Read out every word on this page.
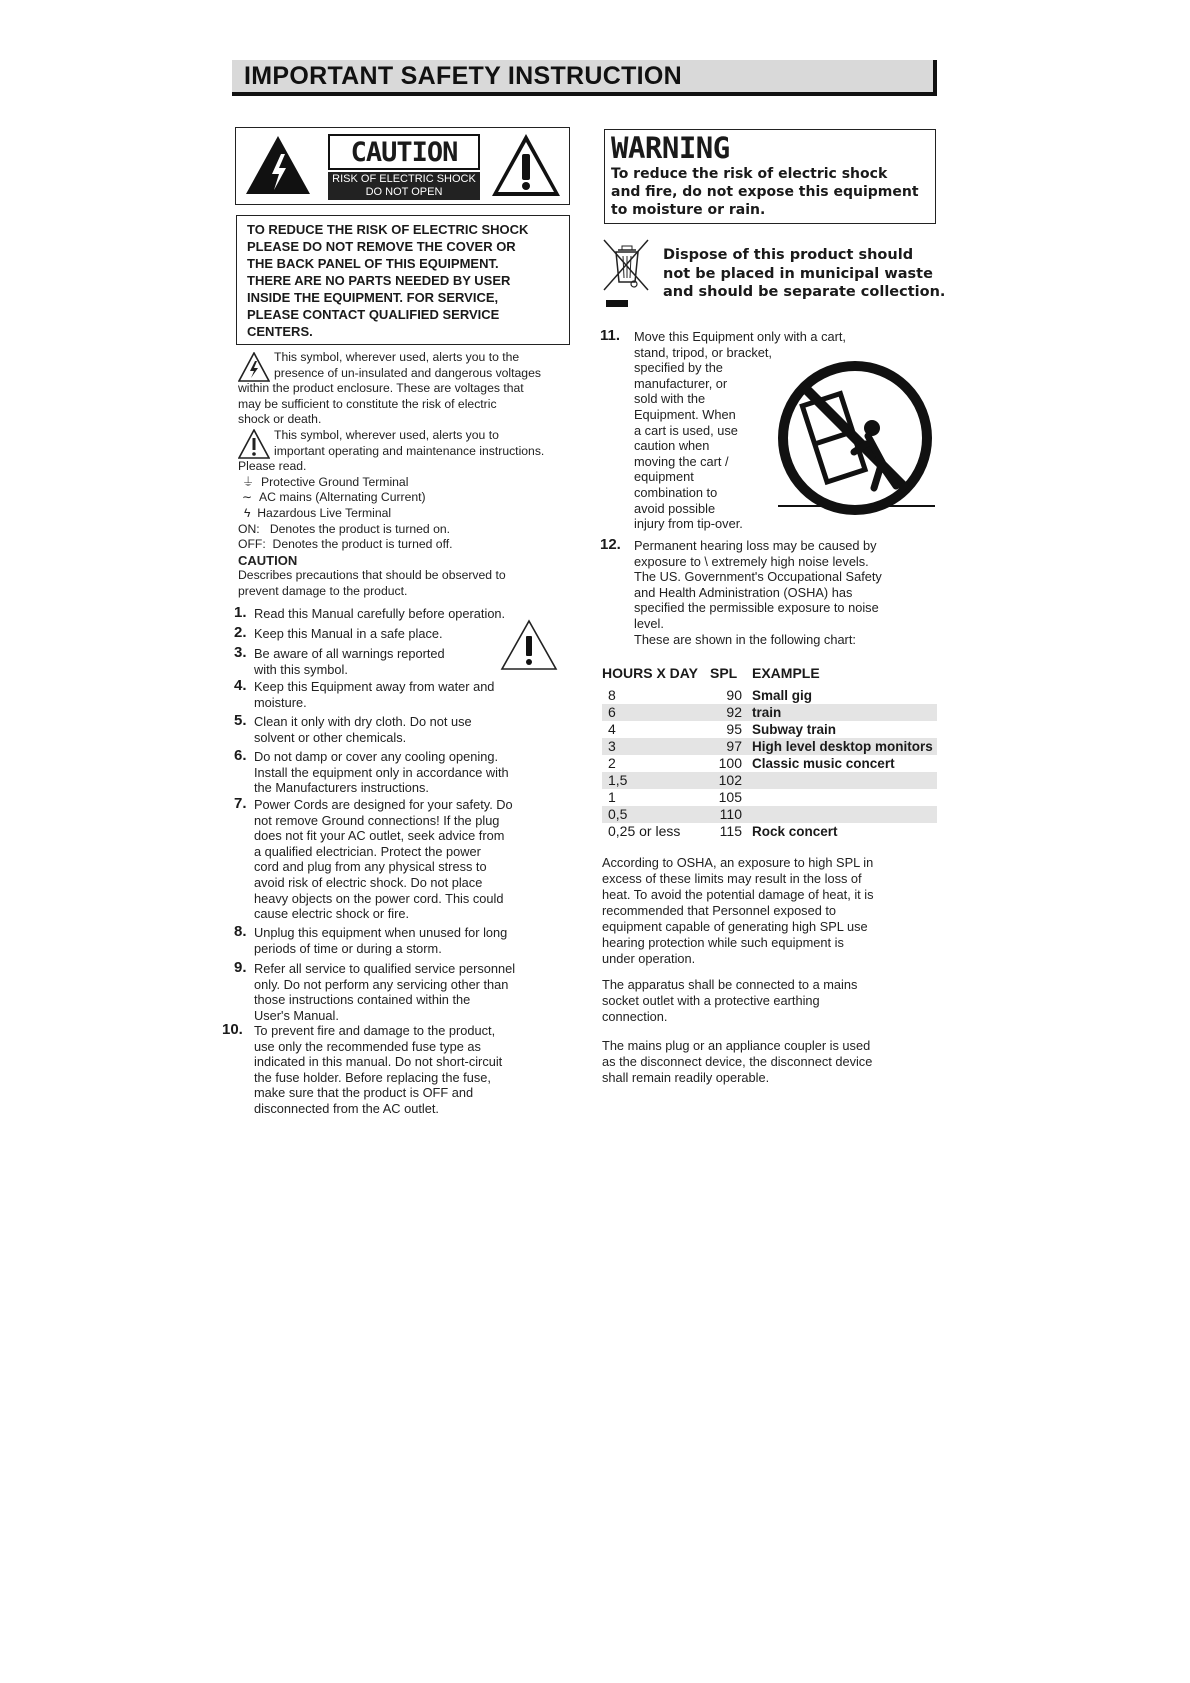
IMPORTANT SAFETY INSTRUCTION
CAUTION
RISK OF ELECTRIC SHOCK
DO NOT OPEN
TO REDUCE THE RISK OF ELECTRIC SHOCK
PLEASE DO NOT REMOVE THE COVER OR
THE BACK PANEL OF THIS EQUIPMENT.
THERE ARE NO PARTS NEEDED BY USER
INSIDE THE EQUIPMENT. FOR SERVICE,
PLEASE CONTACT QUALIFIED SERVICE
CENTERS.
This symbol, wherever used, alerts you to the
presence of un-insulated and dangerous voltages
within the product enclosure. These are voltages that
may be sufficient to constitute the risk of electric
shock or death.
This symbol, wherever used, alerts you to
important operating and maintenance instructions.
Please read.
⏚ Protective Ground Terminal
∼ AC mains (Alternating Current)
ϟ Hazardous Live Terminal
ON:   Denotes the product is turned on.
OFF:  Denotes the product is turned off.
CAUTION
Describes precautions that should be observed to
prevent damage to the product.
1. Read this Manual carefully before operation.
2. Keep this Manual in a safe place.
3. Be aware of all warnings reported
with this symbol.
4. Keep this Equipment away from water and
moisture.
5. Clean it only with dry cloth. Do not use
solvent or other chemicals.
6. Do not damp or cover any cooling opening.
Install the equipment only in accordance with
the Manufacturers instructions.
7. Power Cords are designed for your safety. Do
not remove Ground connections! If the plug
does not fit your AC outlet, seek advice from
a qualified electrician. Protect the power
cord and plug from any physical stress to
avoid risk of electric shock. Do not place
heavy objects on the power cord. This could
cause electric shock or fire.
8. Unplug this equipment when unused for long
periods of time or during a storm.
9. Refer all service to qualified service personnel
only. Do not perform any servicing other than
those instructions contained within the
User's Manual.
10. To prevent fire and damage to the product,
use only the recommended fuse type as
indicated in this manual. Do not short-circuit
the fuse holder. Before replacing the fuse,
make sure that the product is OFF and
disconnected from the AC outlet.
WARNING
To reduce the risk of electric shock
and fire, do not expose this equipment
to moisture or rain.
Dispose of this product should
not be placed in municipal waste
and should be separate collection.
11. Move this Equipment only with a cart,
stand, tripod, or bracket,
specified by the
manufacturer, or
sold with the
Equipment. When
a cart is used, use
caution when
moving the cart /
equipment
combination to
avoid possible
injury from tip-over.
12. Permanent hearing loss may be caused by
exposure to \ extremely high noise levels.
The US. Government's Occupational Safety
and Health Administration (OSHA) has
specified the permissible exposure to noise
level.
These are shown in the following chart:
HOURS X DAY SPL EXAMPLE
8	90 Small gig
6	92 train
4	95 Subway train
3	97 High level desktop monitors
2	100 Classic music concert
1,5	102
1	105
0,5	110
0,25 or less	115 Rock concert
According to OSHA, an exposure to high SPL in
excess of these limits may result in the loss of
heat. To avoid the potential damage of heat, it is
recommended that Personnel exposed to
equipment capable of generating high SPL use
hearing protection while such equipment is
under operation.
The apparatus shall be connected to a mains
socket outlet with a protective earthing
connection.
The mains plug or an appliance coupler is used
as the disconnect device, the disconnect device
shall remain readily operable.
